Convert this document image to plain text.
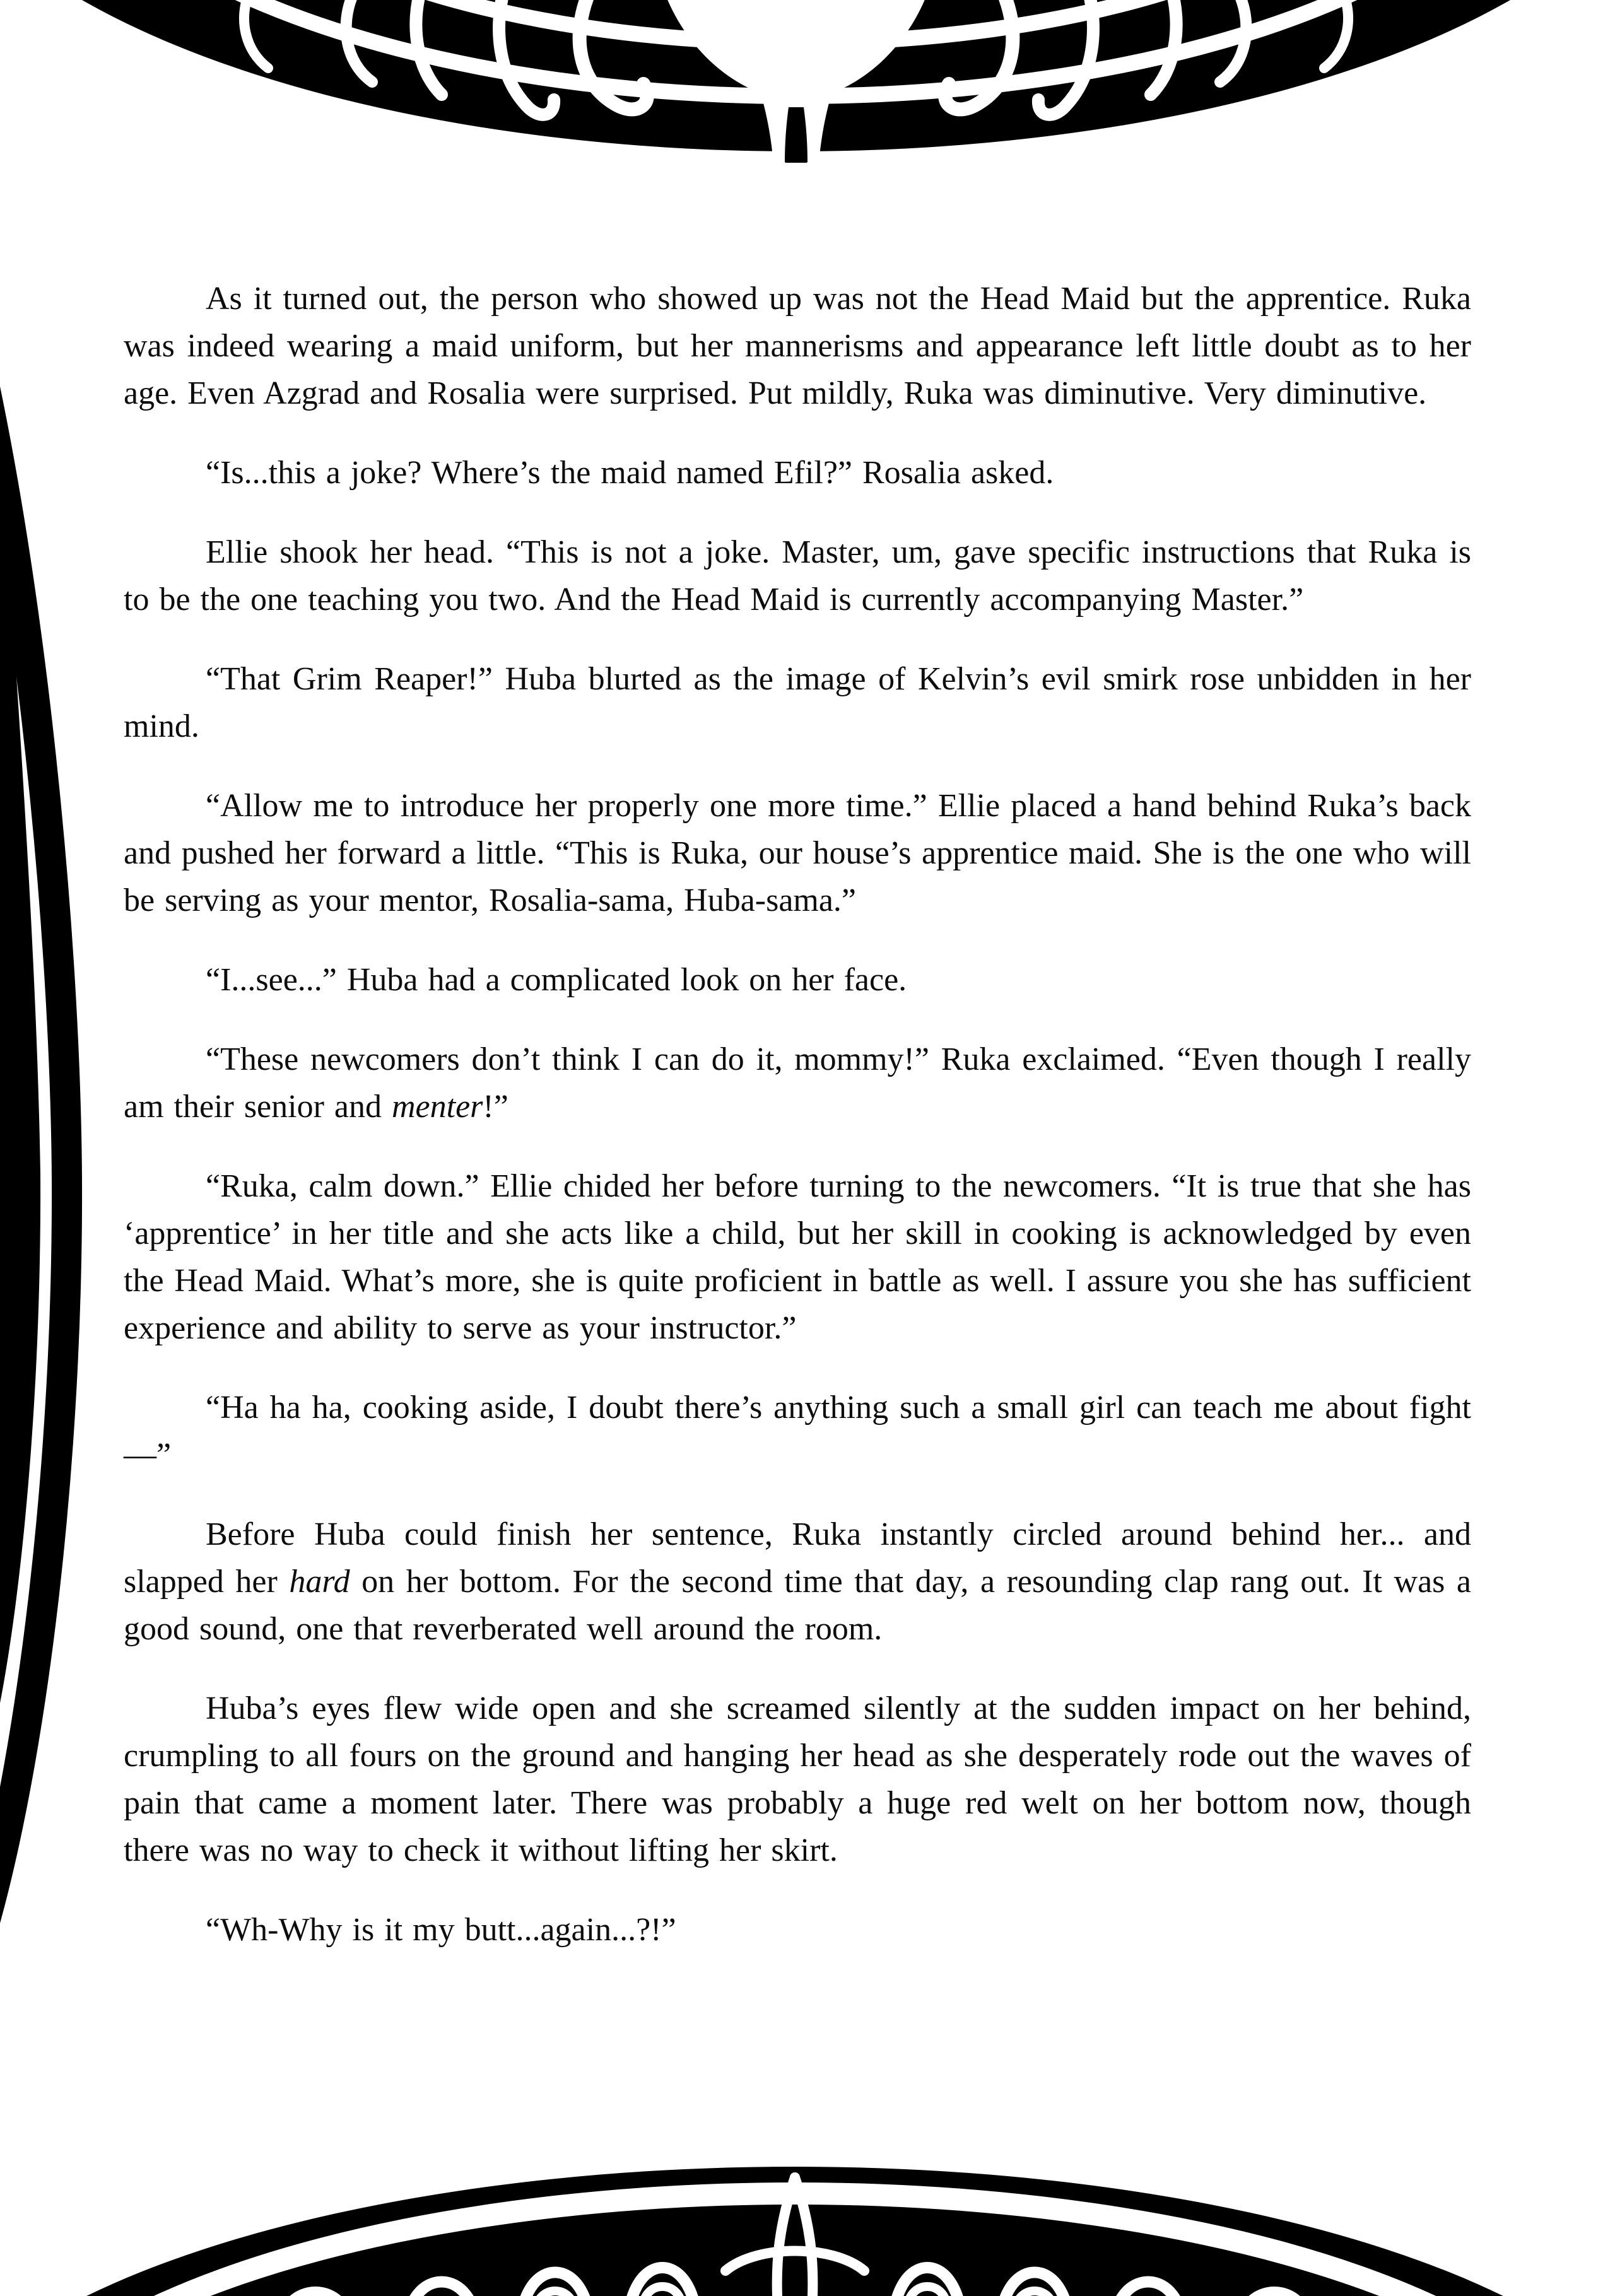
As it turned out, the person who showed up was not the Head Maid but the apprentice. Ruka was indeed wearing a maid uniform, but her mannerisms and appearance left little doubt as to her age. Even Azgrad and Rosalia were surprised. Put mildly, Ruka was diminutive. Very diminutive.

“Is...this a joke? Where’s the maid named Efil?” Rosalia asked.

Ellie shook her head. “This is not a joke. Master, um, gave specific instructions that Ruka is to be the one teaching you two. And the Head Maid is currently accompanying Master.”

“That Grim Reaper!” Huba blurted as the image of Kelvin’s evil smirk rose unbidden in her mind.

“Allow me to introduce her properly one more time.” Ellie placed a hand behind Ruka’s back and pushed her forward a little. “This is Ruka, our house’s apprentice maid. She is the one who will be serving as your mentor, Rosalia-sama, Huba-sama.”

“I...see...” Huba had a complicated look on her face.

“These newcomers don’t think I can do it, mommy!” Ruka exclaimed. “Even though I really am their senior and menter!”

“Ruka, calm down.” Ellie chided her before turning to the newcomers. “It is true that she has ‘apprentice’ in her title and she acts like a child, but her skill in cooking is acknowledged by even the Head Maid. What’s more, she is quite proficient in battle as well. I assure you she has sufficient experience and ability to serve as your instructor.”

“Ha ha ha, cooking aside, I doubt there’s anything such a small girl can teach me about fight—”

Before Huba could finish her sentence, Ruka instantly circled around behind her... and slapped her hard on her bottom. For the second time that day, a resounding clap rang out. It was a good sound, one that reverberated well around the room.

Huba’s eyes flew wide open and she screamed silently at the sudden impact on her behind, crumpling to all fours on the ground and hanging her head as she desperately rode out the waves of pain that came a moment later. There was probably a huge red welt on her bottom now, though there was no way to check it without lifting her skirt.

“Wh-Why is it my butt...again...?!”
